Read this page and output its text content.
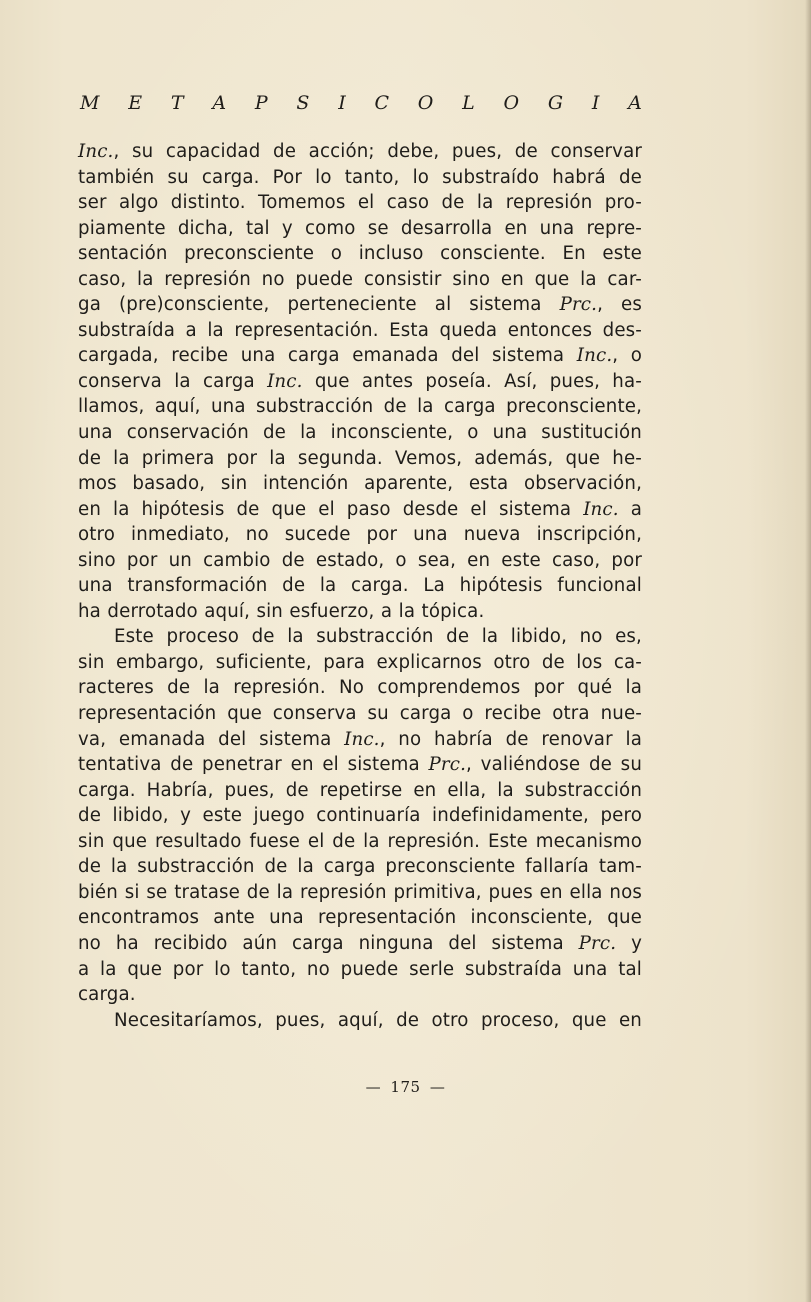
M E T A P S I C O L O G I A
Inc., su capacidad de acción; debe, pues, de conservar
también su carga. Por lo tanto, lo substraído habrá de
ser algo distinto. Tomemos el caso de la represión pro-
piamente dicha, tal y como se desarrolla en una repre-
sentación preconsciente o incluso consciente. En este
caso, la represión no puede consistir sino en que la car-
ga (pre)consciente, perteneciente al sistema Prc., es
substraída a la representación. Esta queda entonces des-
cargada, recibe una carga emanada del sistema Inc., o
conserva la carga Inc. que antes poseía. Así, pues, ha-
llamos, aquí, una substracción de la carga preconsciente,
una conservación de la inconsciente, o una sustitución
de la primera por la segunda. Vemos, además, que he-
mos basado, sin intención aparente, esta observación,
en la hipótesis de que el paso desde el sistema Inc. a
otro inmediato, no sucede por una nueva inscripción,
sino por un cambio de estado, o sea, en este caso, por
una transformación de la carga. La hipótesis funcional
ha derrotado aquí, sin esfuerzo, a la tópica.
Este proceso de la substracción de la libido, no es,
sin embargo, suficiente, para explicarnos otro de los ca-
racteres de la represión. No comprendemos por qué la
representación que conserva su carga o recibe otra nue-
va, emanada del sistema Inc., no habría de renovar la
tentativa de penetrar en el sistema Prc., valiéndose de su
carga. Habría, pues, de repetirse en ella, la substracción
de libido, y este juego continuaría indefinidamente, pero
sin que resultado fuese el de la represión. Este mecanismo
de la substracción de la carga preconsciente fallaría tam-
bién si se tratase de la represión primitiva, pues en ella nos
encontramos ante una representación inconsciente, que
no ha recibido aún carga ninguna del sistema Prc. y
a la que por lo tanto, no puede serle substraída una tal
carga.
Necesitaríamos, pues, aquí, de otro proceso, que en
— 175 —
